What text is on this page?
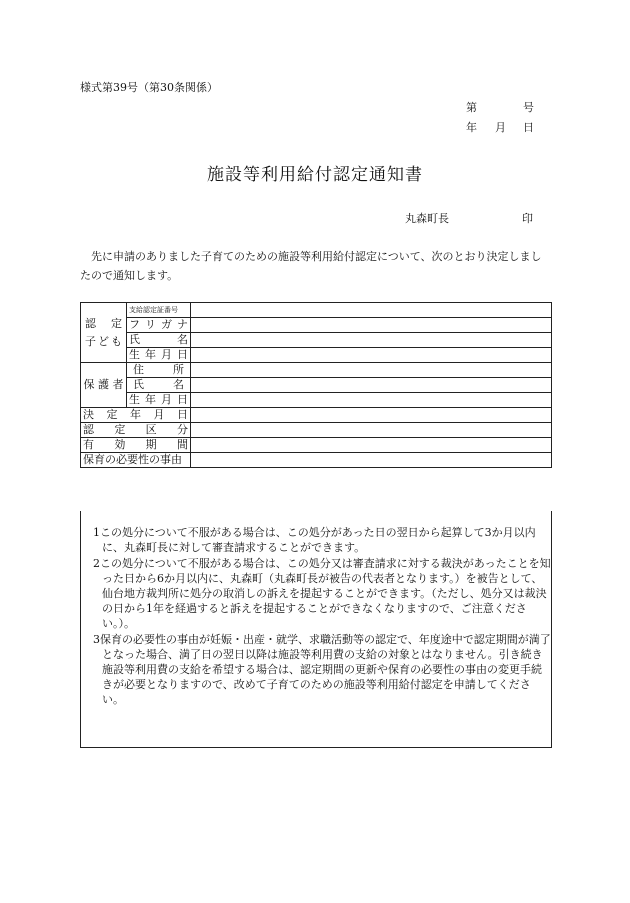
様式第39号（第30条関係）
第	号
年 月 日
施設等利用給付認定通知書
丸森町長	印
先に申請のありました子育てのための施設等利用給付認定について、次のとおり決定しましたので通知します。
認 定
子 ど も	支給認定証番号	

	フ リ ガ ナ	

	氏 名	

	生 年 月 日	

保 護 者	住 所	

	氏 名	

	生 年 月 日	

決 定 年 月 日		

認 定 区 分		

有 効 期 間		

保育の必要性の事由		
1この処分について不服がある場合は、この処分があった日の翌日から起算して3か月以内に、丸森町長に対して審査請求することができます。
2この処分について不服がある場合は、この処分又は審査請求に対する裁決があったことを知った日から6か月以内に、丸森町（丸森町長が被告の代表者となります。）を被告として、仙台地方裁判所に処分の取消しの訴えを提起することができます。（ただし、処分又は裁決の日から1年を経過すると訴えを提起することができなくなりますので、ご注意ください。）。
3保育の必要性の事由が妊娠・出産・就学、求職活動等の認定で、年度途中で認定期間が満了となった場合、満了日の翌日以降は施設等利用費の支給の対象とはなりません。引き続き施設等利用費の支給を希望する場合は、認定期間の更新や保育の必要性の事由の変更手続きが必要となりますので、改めて子育てのための施設等利用給付認定を申請してください。
